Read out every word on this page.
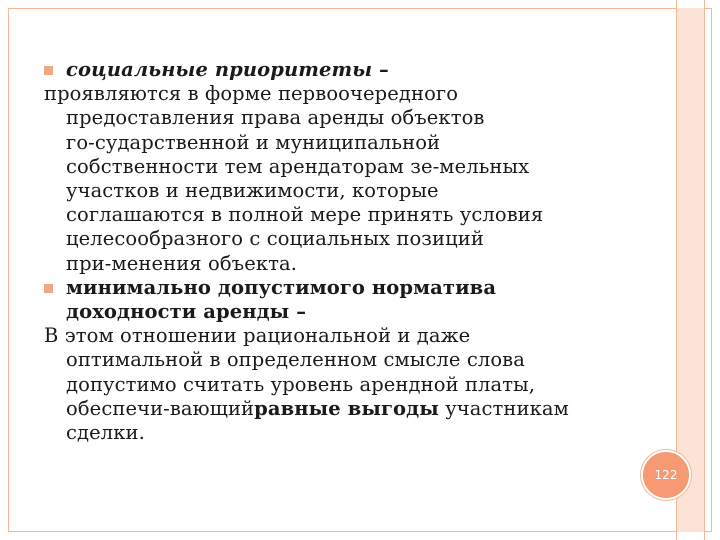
социальные приоритеты –
проявляются в форме первоочередного
предоставления права аренды объектов
го-сударственной и муниципальной
собственности тем арендаторам зе-мельных
участков и недвижимости, которые
соглашаются в полной мере принять условия
целесообразного с социальных позиций
при-менения объекта.
минимально допустимого норматива
доходности аренды –
В этом отношении рациональной и даже
оптимальной в определенном смысле слова
допустимо считать уровень арендной платы,
обеспечи-вающийравные выгоды участникам
сделки.
122
